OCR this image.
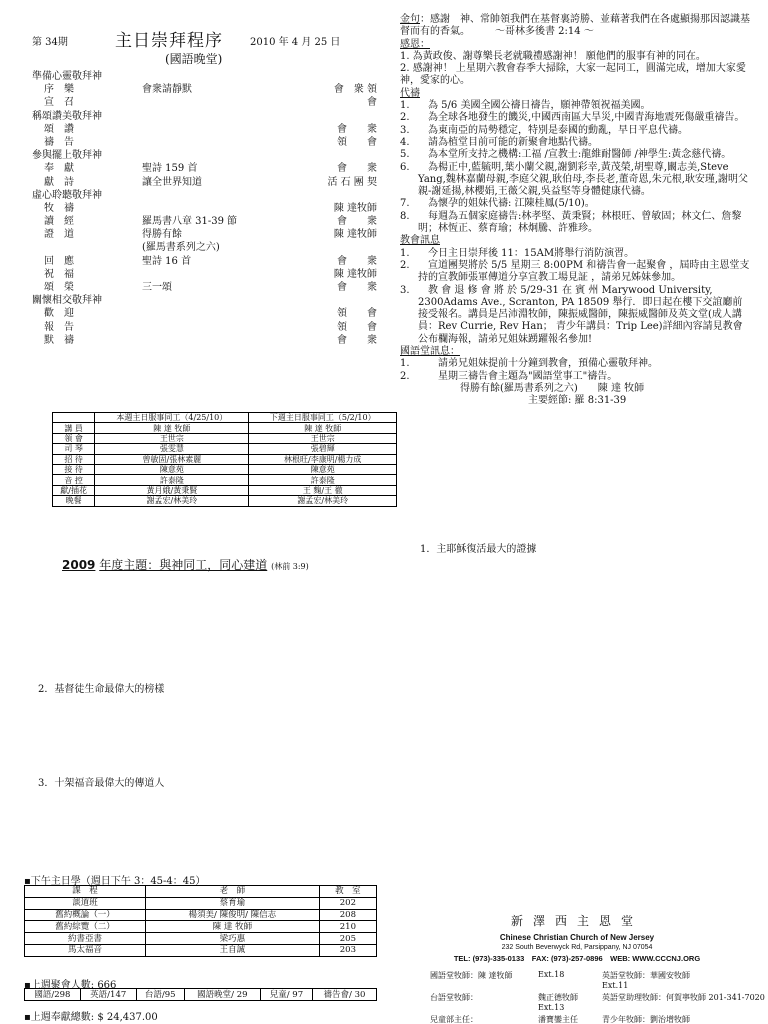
第 34期	主日崇拜程序	2010 年 4 月 25 日
(國語晚堂)
準備心靈敬拜神
序　樂	會衆請靜默	會　衆 領
宣　召	會
稱頌讚美敬拜神
頌　讚	會　　衆
禱　告	領　　會
參與擺上敬拜神
奉　獻	聖詩 159 首	會　　衆
獻　詩	讓全世界知道	活 石 團 契
虛心聆聽敬拜神
牧　禱	陳 達牧師
讀　經	羅馬書八章 31-39 節	會　　衆
證　道	得勝有餘	陳 達牧師
(羅馬書系列之六)
回　應	聖詩 16 首	會　　衆
祝　福	陳 達牧師
頌　榮	三一頌	會　　衆
關懷相交敬拜神
歡　迎	領　　會
報　告	領　　會
默　禱	會　　衆
	本週主日服事同工（4/25/10）	下週主日服事同工（5/2/10）
講 員	陳 達 牧師	陳 達 牧師
領 會	王世宗	王世宗
司 琴	張雯慧	張碧輝
招 待	曾敏固/張林素麗	林根旺/李康明/楊力成
接 待	陳意苑	陳意苑
音 控	許泰隆	許泰隆
獻/插花	黃月娥/黃秉賢	王 麴/王 徹
晚餐	謝孟宏/林美玲	謝孟宏/林美玲
2009 年度主題：與神同工，同心建道 (林前 3:9)
2．基督徒生命最偉大的榜樣
3．十架福音最偉大的傳道人
1．主耶穌復活最大的證據
▪下午主日學（週日下午 3：45-4：45）
課　程	老　師	教　室
談道班	蔡育瑜	202
舊約概論（一）	楊須美/ 陳俊明/ 陳信志	208
舊約綜覽（二）	陳 達 牧師	210
約書亞書	梁巧惠	205
馬太福音	王自誠	203
▪上週聚會人數: 666
國語/298	英語/147	台語/95	國語晚堂/ 29	兒童/ 97	禱告會/ 30
▪上週奉獻總數: $ 24,437.00

金句：感謝　神、常帥領我們在基督裏誇勝、並藉著我們在各處顯揚那因認識基督而有的香氣。　　　～哥林多後書 2:14 ～

感恩：

1. 為黃政俊、謝尊樂長老就職禮感謝神！ 願他們的服事有神的同在。

2. 感謝神！ 上星期六教會春季大掃除，大家一起同工，圓滿完成，增加大家愛神，愛家的心。

代禱

1. 　為 5/6 美國全國公禱日禱告，願神帶領祝福美國。
2. 　為全球各地發生的饑災,中國西南區大旱災,中國青海地震死傷嚴重禱告。
3. 　為東南亞的局勢穩定，特別是泰國的動亂，早日平息代禱。
4. 　請為植堂目前可能的新聚會地點代禱。
5. 　為本堂所支持之機構:工福 /宣教士:龍維耐醫師 /神學生:黃念慈代禱。
6. 　為楊正中,藍毓明,葉小蘭父親,謝劉彩幸,黃茂榮,胡聖尊,闞志美,Steve Yang,魏林嘉蘭母親,李庭父親,耿伯母,李長老,董奇恩,朱元根,耿安瑾,謝明父親-謝延揚,林櫻娟,王薇父親,吳益堅等身體健康代禱。
7. 　為懷孕的姐妹代禱: 江陳桂鳳(5/10)。
8. 　每週為五個家庭禱告:林孝堅、黃秉賢；林根旺、曾敏固；林文仁、詹黎明；林恆正、蔡育瑜；林炯騰、許雅珍。

教會訊息

1. 　今日主日崇拜後 11：15AM將舉行消防演習。
2. 　宣道團契將於 5/5 星期三 8:00PM 和禱告會一起聚會 ，屆時由主恩堂支持的宣教師張軍傳道分享宣教工場見証 ，請弟兄姊妹參加。
3. 　教 會 退 修 會 將 於 5/29-31 在 賓 州 Marywood University, 2300Adams Ave., Scranton, PA 18509 舉行．即日起在樓下交誼廳前接受報名。講員是呂沛淵牧師，陳振威醫師，陳振威醫師及英文堂(成人講員：Rev Currie, Rev Han； 青少年講員：Trip Lee)詳細內容請見教會公布欄海報，請弟兄姐妹踴躍報名參加!

國語堂訊息：

1. 　　請弟兄姐妹提前十分鐘到教會，預備心靈敬拜神。
2. 　　星期三禱告會主題為"國語堂事工"禱告。

得勝有餘(羅馬書系列之六)　　陳 達 牧師

主要經節: 羅 8:31-39

新澤西主恩堂
Chinese Christian Church of New Jersey
232 South Beverwyck Rd, Parsippany, NJ 07054
TEL: (973)-335-0133　FAX: (973)-257-0896　WEB: WWW.CCCNJ.ORG
國語堂牧師：陳 達牧師	Ext.18	英語堂牧師：華國安牧師
Ext.11
台語堂牧師：	魏正德牧師	英語堂助理牧師：何賀寧牧師 201-341-7020
Ext.13
兒童部主任：	潘寶鑾主任	青少年牧師：劉治增牧師
